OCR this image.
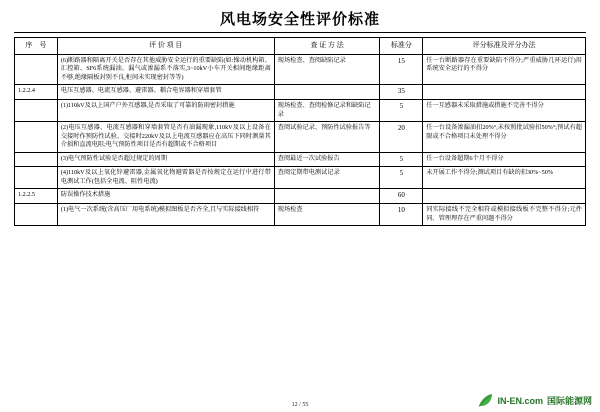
风电场安全性评价标准
序　号	评 价 项 目	查 证 方 法	标准分	评分标准及评分办法
	(6)断路器和隔离开关是否存在其他威胁安全运行的重要缺陷(如:操动机构箱、汇控箱、SF6系统漏油、漏气或渗漏系不落实,3~10kV小车开关相间绝缘距离不够,绝缘隔板封别不良,柜间未实现密封等等)	现场检查、查阅缺陷记录	15	任一台断路器存在重要缺陷不得分;严重威胁几环运行)用系统安全运行的不得分
1.2.2.4	电压互感器、电流互感器、避雷器、耦合电容器和穿墙套管		35	
	(1)110kV及以上国产户外互感器,是否采取了可靠的防雨密封措施	现场检查、查阅检修记录和缺陷记录	5	任一互感器未采取措施或措施不完善不得分
	(2)电压互感器、电流互感器和穿墙套管是否有油漏现象,110kV及以上设备在交接时作预防性试验、交接时220kV及以上电流互感器应在高压下同时测量其介损和直流电阻;电气预防性项目是否有超期或不合格项目	查阅试验记录、预防性试验报告等	20	任一台设备渗漏油扣20%°,未按照批试验扣50%°;预试有超限或不合格项目未处理不得分
	(3)电气预防性试验是否超过规定的周期	查阅最近一次试验报告	5	任一台设备超期6个月不得分
	(4)110kV及以上氧化锌避雷器,金属氧化物避雷器是否按规定在运行中进行带电测试工作(包括全电流、阻性电流)	查阅定期带电测试记录	5	未开展工作不得分;测试项目有缺的扣30%~50%
1.2.2.5	防误操作技术措施		60	
	(1)电气一次系统(含高压厂用电系统)模拟图板是否齐全,且与实际接线相符	现场检查	10	同实际接线不完全相符或模拟接线板不完整不得分;元件同、管理理存在严重问题不得分
12 / 55	IN-EN.com 国际能源网
